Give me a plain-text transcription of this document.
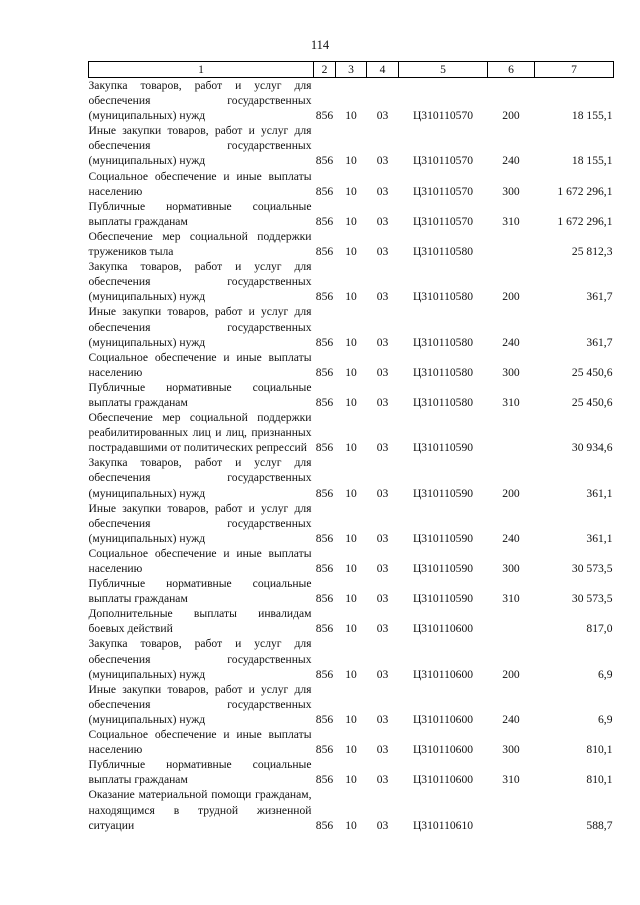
114
1	2	3	4	5	6	7
Закупка товаров, работ и услуг для обеспечения государственных (муниципальных) нужд	856	10	03	Ц310110570	200	18 155,1
Иные закупки товаров, работ и услуг для обеспечения государственных (муниципальных) нужд	856	10	03	Ц310110570	240	18 155,1
Социальное обеспечение и иные выплаты населению	856	10	03	Ц310110570	300	1 672 296,1
Публичные нормативные социальные выплаты гражданам	856	10	03	Ц310110570	310	1 672 296,1
Обеспечение мер социальной поддержки тружеников тыла	856	10	03	Ц310110580		25 812,3
Закупка товаров, работ и услуг для обеспечения государственных (муниципальных) нужд	856	10	03	Ц310110580	200	361,7
Иные закупки товаров, работ и услуг для обеспечения государственных (муниципальных) нужд	856	10	03	Ц310110580	240	361,7
Социальное обеспечение и иные выплаты населению	856	10	03	Ц310110580	300	25 450,6
Публичные нормативные социальные выплаты гражданам	856	10	03	Ц310110580	310	25 450,6
Обеспечение мер социальной поддержки реабилитированных лиц и лиц, признанных пострадавшими от политических репрессий	856	10	03	Ц310110590		30 934,6
Закупка товаров, работ и услуг для обеспечения государственных (муниципальных) нужд	856	10	03	Ц310110590	200	361,1
Иные закупки товаров, работ и услуг для обеспечения государственных (муниципальных) нужд	856	10	03	Ц310110590	240	361,1
Социальное обеспечение и иные выплаты населению	856	10	03	Ц310110590	300	30 573,5
Публичные нормативные социальные выплаты гражданам	856	10	03	Ц310110590	310	30 573,5
Дополнительные выплаты инвалидам боевых действий	856	10	03	Ц310110600		817,0
Закупка товаров, работ и услуг для обеспечения государственных (муниципальных) нужд	856	10	03	Ц310110600	200	6,9
Иные закупки товаров, работ и услуг для обеспечения государственных (муниципальных) нужд	856	10	03	Ц310110600	240	6,9
Социальное обеспечение и иные выплаты населению	856	10	03	Ц310110600	300	810,1
Публичные нормативные социальные выплаты гражданам	856	10	03	Ц310110600	310	810,1
Оказание материальной помощи гражданам, находящимся в трудной жизненной ситуации	856	10	03	Ц310110610		588,7
